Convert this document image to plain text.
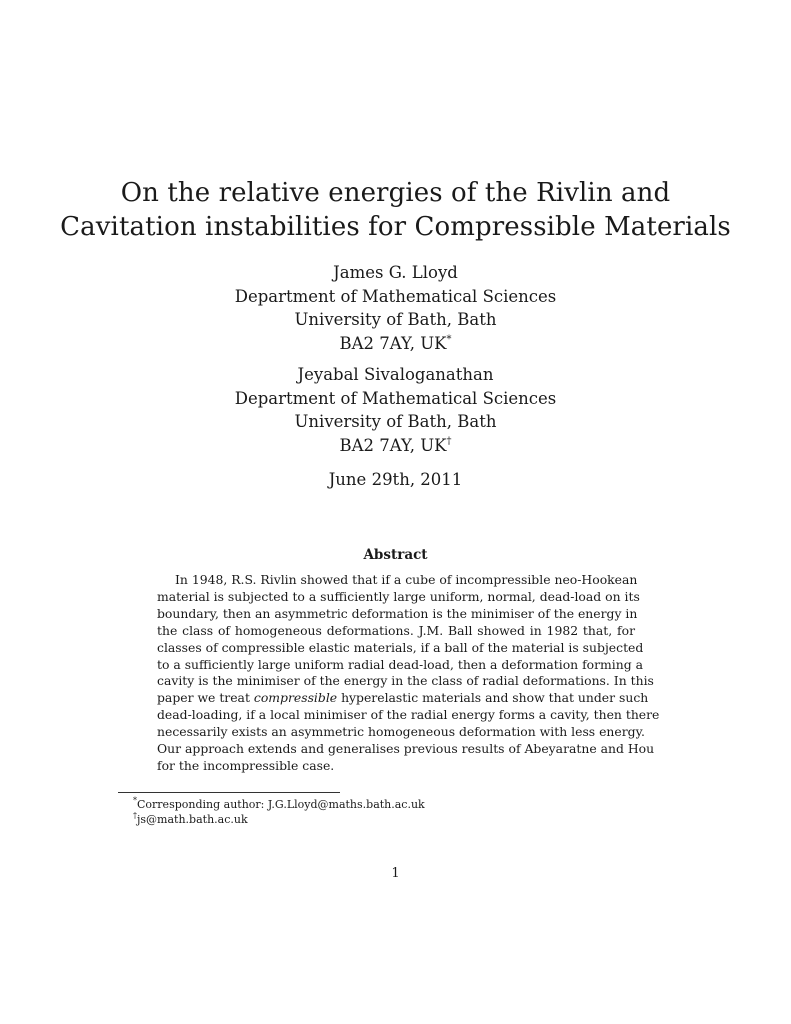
On the relative energies of the Rivlin and
Cavitation instabilities for Compressible Materials
James G. Lloyd
Department of Mathematical Sciences
University of Bath, Bath
BA2 7AY, UK*
Jeyabal Sivaloganathan
Department of Mathematical Sciences
University of Bath, Bath
BA2 7AY, UK†
June 29th, 2011
Abstract
In 1948, R.S. Rivlin showed that if a cube of incompressible neo-Hookean
material is subjected to a sufficiently large uniform, normal, dead-load on its
boundary, then an asymmetric deformation is the minimiser of the energy in
the class of homogeneous deformations. J.M. Ball showed in 1982 that, for
classes of compressible elastic materials, if a ball of the material is subjected
to a sufficiently large uniform radial dead-load, then a deformation forming a
cavity is the minimiser of the energy in the class of radial deformations. In this
paper we treat compressible hyperelastic materials and show that under such
dead-loading, if a local minimiser of the radial energy forms a cavity, then there
necessarily exists an asymmetric homogeneous deformation with less energy.
Our approach extends and generalises previous results of Abeyaratne and Hou
for the incompressible case.
*Corresponding author: J.G.Lloyd@maths.bath.ac.uk
†js@math.bath.ac.uk
1
